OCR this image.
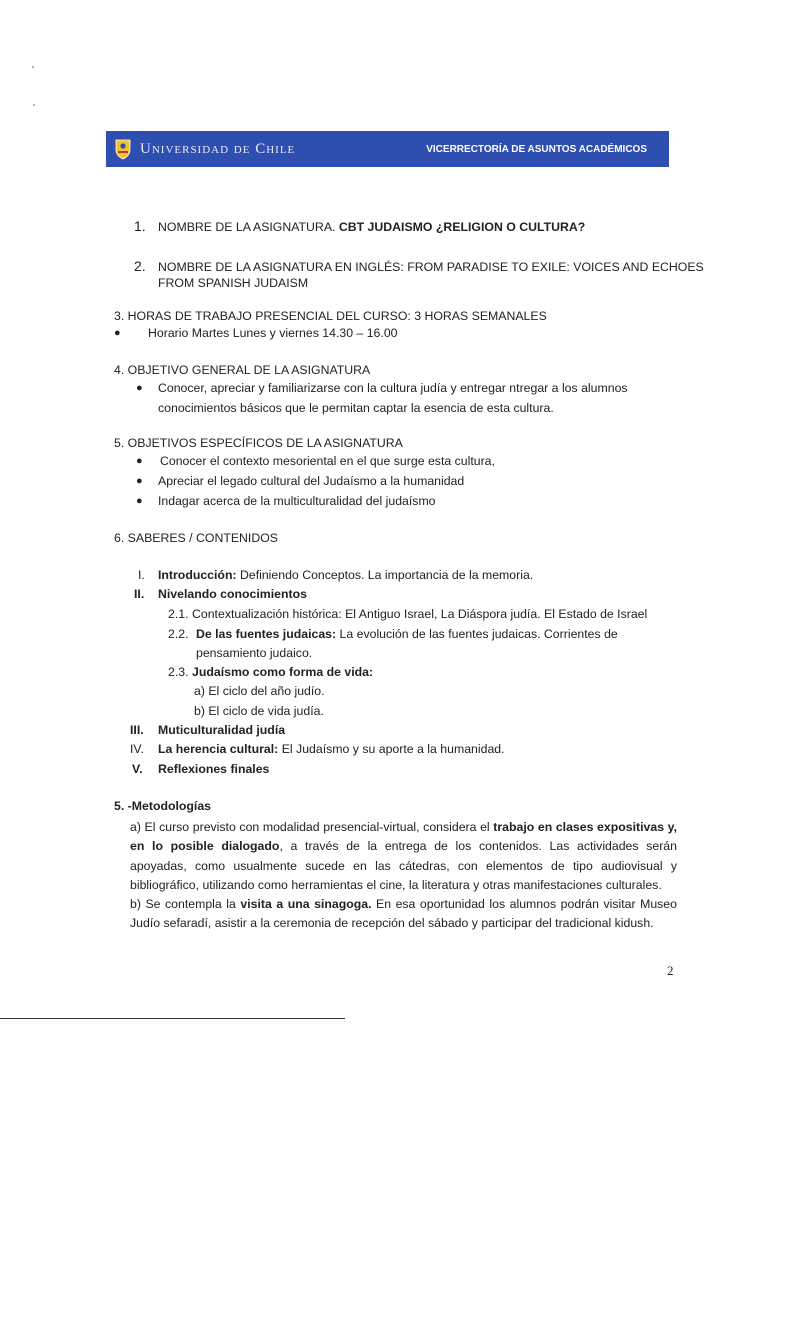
Universidad de Chile	VICERRECTORÍA DE ASUNTOS ACADÉMICOS
1. NOMBRE DE LA ASIGNATURA. CBT JUDAISMO ¿RELIGION O CULTURA?
2. NOMBRE DE LA ASIGNATURA EN INGLÉS: FROM PARADISE TO EXILE: VOICES AND ECHOES
FROM SPANISH JUDAISM
3. HORAS DE TRABAJO PRESENCIAL DEL CURSO: 3 HORAS SEMANALES
● Horario Martes Lunes y viernes 14.30 – 16.00
4. OBJETIVO GENERAL DE LA ASIGNATURA
● Conocer, apreciar y familiarizarse con la cultura judía y entregar ntregar a los alumnos
conocimientos básicos que le permitan captar la esencia de esta cultura.
5. OBJETIVOS ESPECÍFICOS DE LA ASIGNATURA
● Conocer el contexto mesoriental en el que surge esta cultura,
● Apreciar el legado cultural del Judaísmo a la humanidad
● Indagar acerca de la multiculturalidad del judaísmo
6. SABERES / CONTENIDOS
I. Introducción: Definiendo Conceptos. La importancia de la memoria.
II. Nivelando conocimientos
2.1. Contextualización histórica: El Antiguo Israel, La Diáspora judía. El Estado de Israel
2.2. De las fuentes judaicas: La evolución de las fuentes judaicas. Corrientes de
pensamiento judaico.
2.3. Judaísmo como forma de vida:
a) El ciclo del año judío.
b) El ciclo de vida judía.
III. Muticulturalidad judía
IV. La herencia cultural: El Judaísmo y su aporte a la humanidad.
V. Reflexiones finales
5. -Metodologías
a) El curso previsto con modalidad presencial-virtual, considera el trabajo en clases expositivas y, en lo posible dialogado, a través de la entrega de los contenidos. Las actividades serán apoyadas, como usualmente sucede en las cátedras, con elementos de tipo audiovisual y bibliográfico, utilizando como herramientas el cine, la literatura y otras manifestaciones culturales.
b) Se contempla la visita a una sinagoga. En esa oportunidad los alumnos podrán visitar Museo Judío sefaradí, asistir a la ceremonia de recepción del sábado y participar del tradicional kidush.
2
